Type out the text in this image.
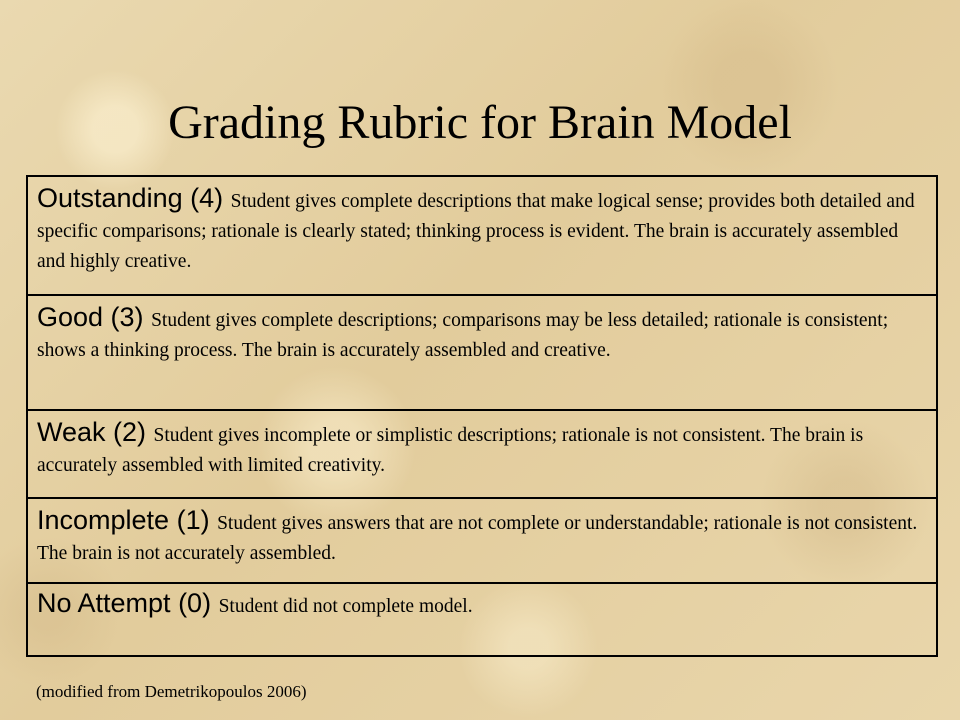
Grading Rubric for Brain Model
Outstanding (4) Student gives complete descriptions that make logical sense; provides both detailed and specific comparisons; rationale is clearly stated; thinking process is evident. The brain is accurately assembled and highly creative.
Good (3) Student gives complete descriptions; comparisons may be less detailed; rationale is consistent; shows a thinking process. The brain is accurately assembled and creative.
Weak (2) Student gives incomplete or simplistic descriptions; rationale is not consistent. The brain is accurately assembled with limited creativity.
Incomplete (1) Student gives answers that are not complete or understandable; rationale is not consistent. The brain is not accurately assembled.
No Attempt (0) Student did not complete model.
(modified from Demetrikopoulos 2006)
